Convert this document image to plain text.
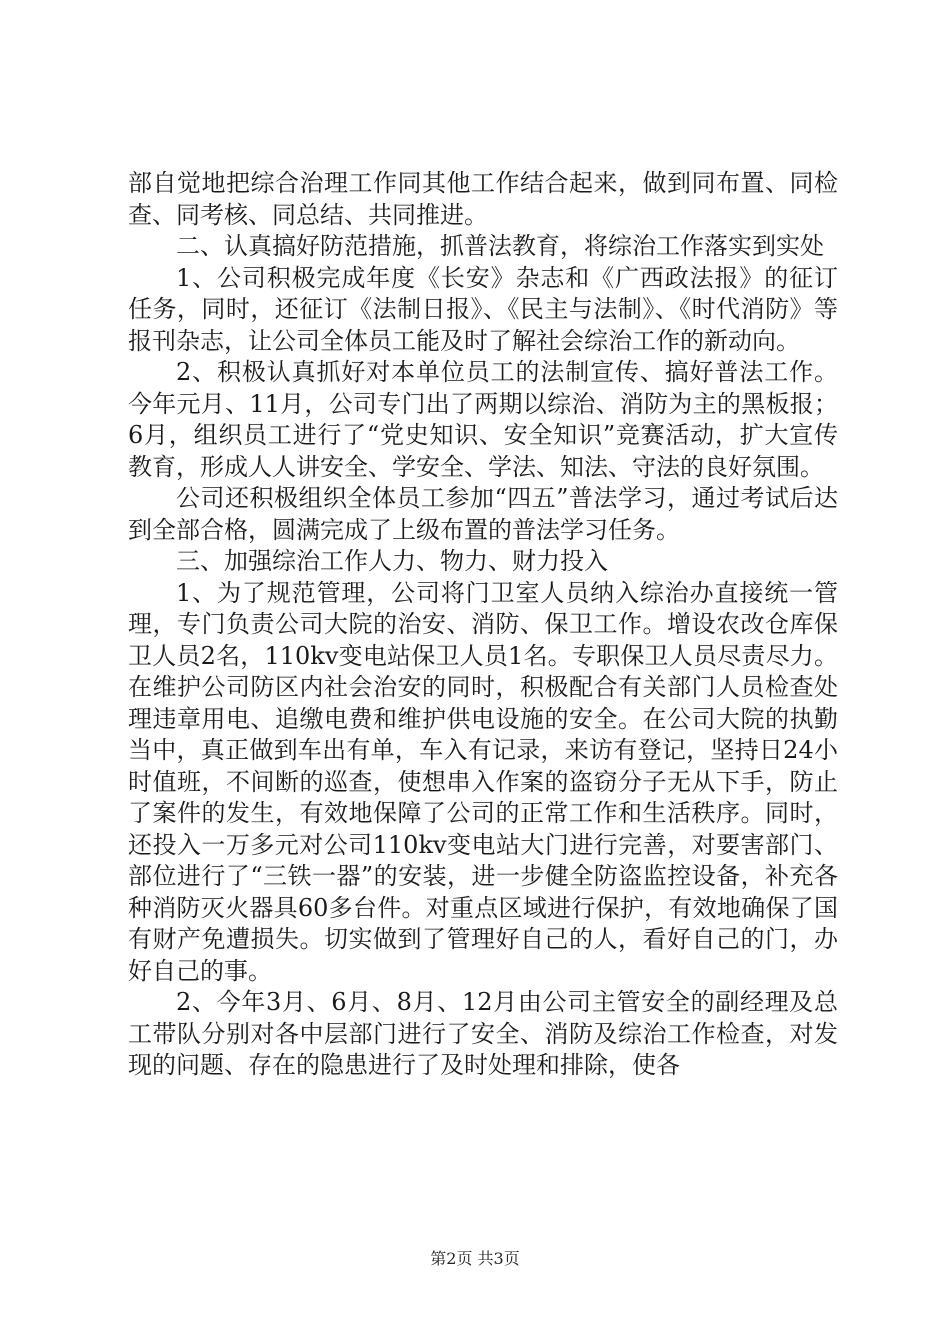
部自觉地把综合治理工作同其他工作结合起来，做到同布置、同检查、同考核、同总结、共同推进。

二、认真搞好防范措施，抓普法教育，将综治工作落实到实处

1、公司积极完成年度《长安》杂志和《广西政法报》的征订任务，同时，还征订《法制日报》、《民主与法制》、《时代消防》等报刊杂志，让公司全体员工能及时了解社会综治工作的新动向。

2、积极认真抓好对本单位员工的法制宣传、搞好普法工作。今年元月、11月，公司专门出了两期以综治、消防为主的黑板报；6月，组织员工进行了“党史知识、安全知识”竞赛活动，扩大宣传教育，形成人人讲安全、学安全、学法、知法、守法的良好氛围。

公司还积极组织全体员工参加“四五”普法学习，通过考试后达到全部合格，圆满完成了上级布置的普法学习任务。

三、加强综治工作人力、物力、财力投入

1、为了规范管理，公司将门卫室人员纳入综治办直接统一管理，专门负责公司大院的治安、消防、保卫工作。增设农改仓库保卫人员2名，110kv变电站保卫人员1名。专职保卫人员尽责尽力。在维护公司防区内社会治安的同时，积极配合有关部门人员检查处理违章用电、追缴电费和维护供电设施的安全。在公司大院的执勤当中，真正做到车出有单，车入有记录，来访有登记，坚持日24小时值班，不间断的巡查，使想串入作案的盗窃分子无从下手，防止了案件的发生，有效地保障了公司的正常工作和生活秩序。同时，还投入一万多元对公司110kv变电站大门进行完善，对要害部门、部位进行了“三铁一器”的安装，进一步健全防盗监控设备，补充各种消防灭火器具60多台件。对重点区域进行保护，有效地确保了国有财产免遭损失。切实做到了管理好自己的人，看好自己的门，办好自己的事。

2、今年3月、6月、8月、12月由公司主管安全的副经理及总工带队分别对各中层部门进行了安全、消防及综治工作检查，对发现的问题、存在的隐患进行了及时处理和排除，使各

第2页 共3页
